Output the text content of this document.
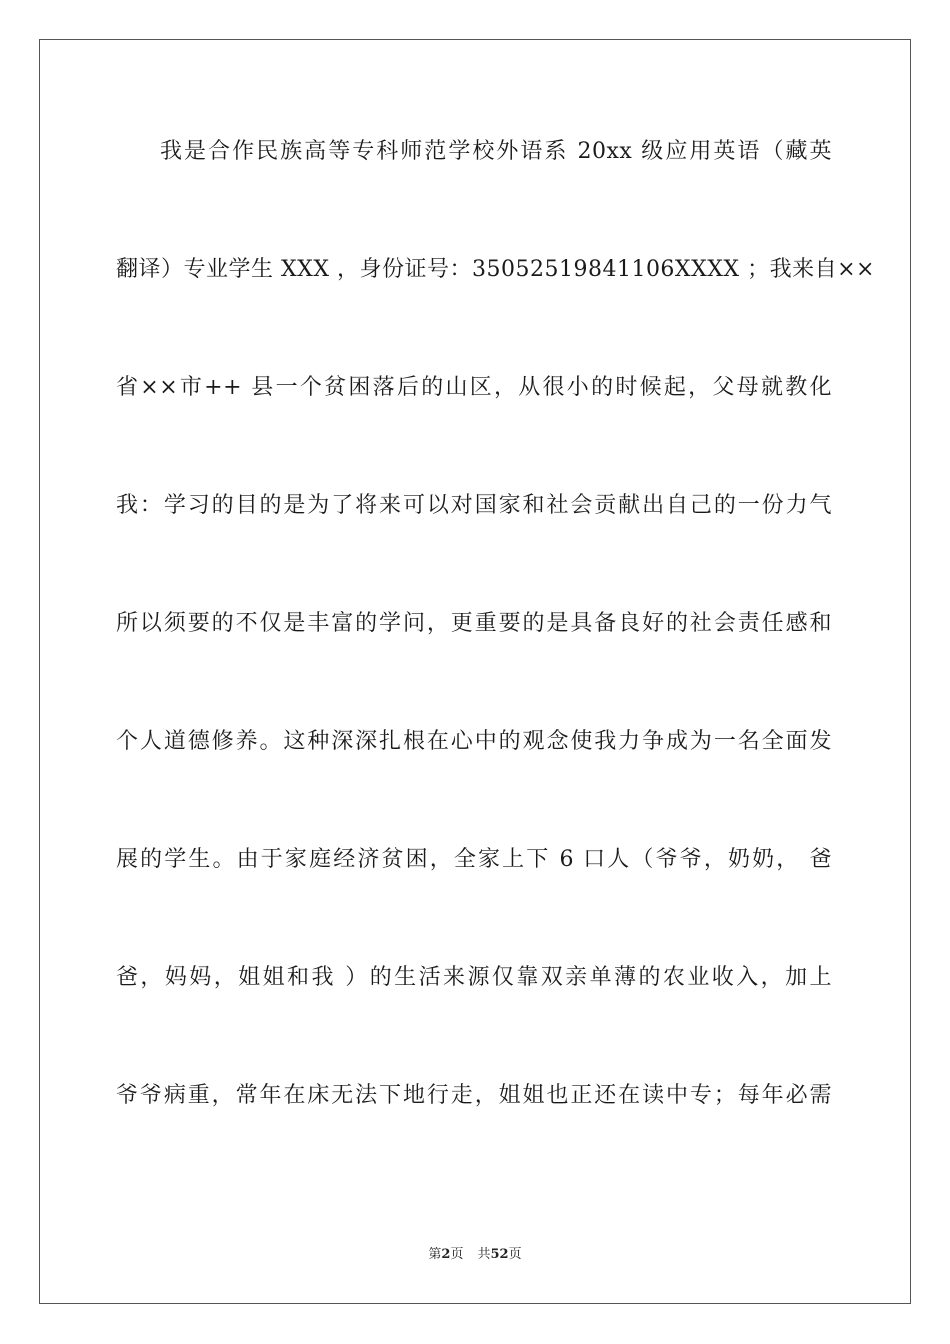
我是合作民族高等专科师范学校外语系 20xx 级应用英语（藏英
翻译）专业学生 XXX ，身份证号：35052519841106XXXX ；我来自××
省××市++ 县一个贫困落后的山区，从很小的时候起，父母就教化
我：学习的目的是为了将来可以对国家和社会贡献出自己的一份力气
所以须要的不仅是丰富的学问，更重要的是具备良好的社会责任感和
个人道德修养。这种深深扎根在心中的观念使我力争成为一名全面发
展的学生。由于家庭经济贫困，全家上下 6 口人（爷爷，奶奶， 爸
爸，妈妈，姐姐和我 ）的生活来源仅靠双亲单薄的农业收入，加上
爷爷病重，常年在床无法下地行走，姐姐也正还在读中专；每年必需
第2页 共52页
